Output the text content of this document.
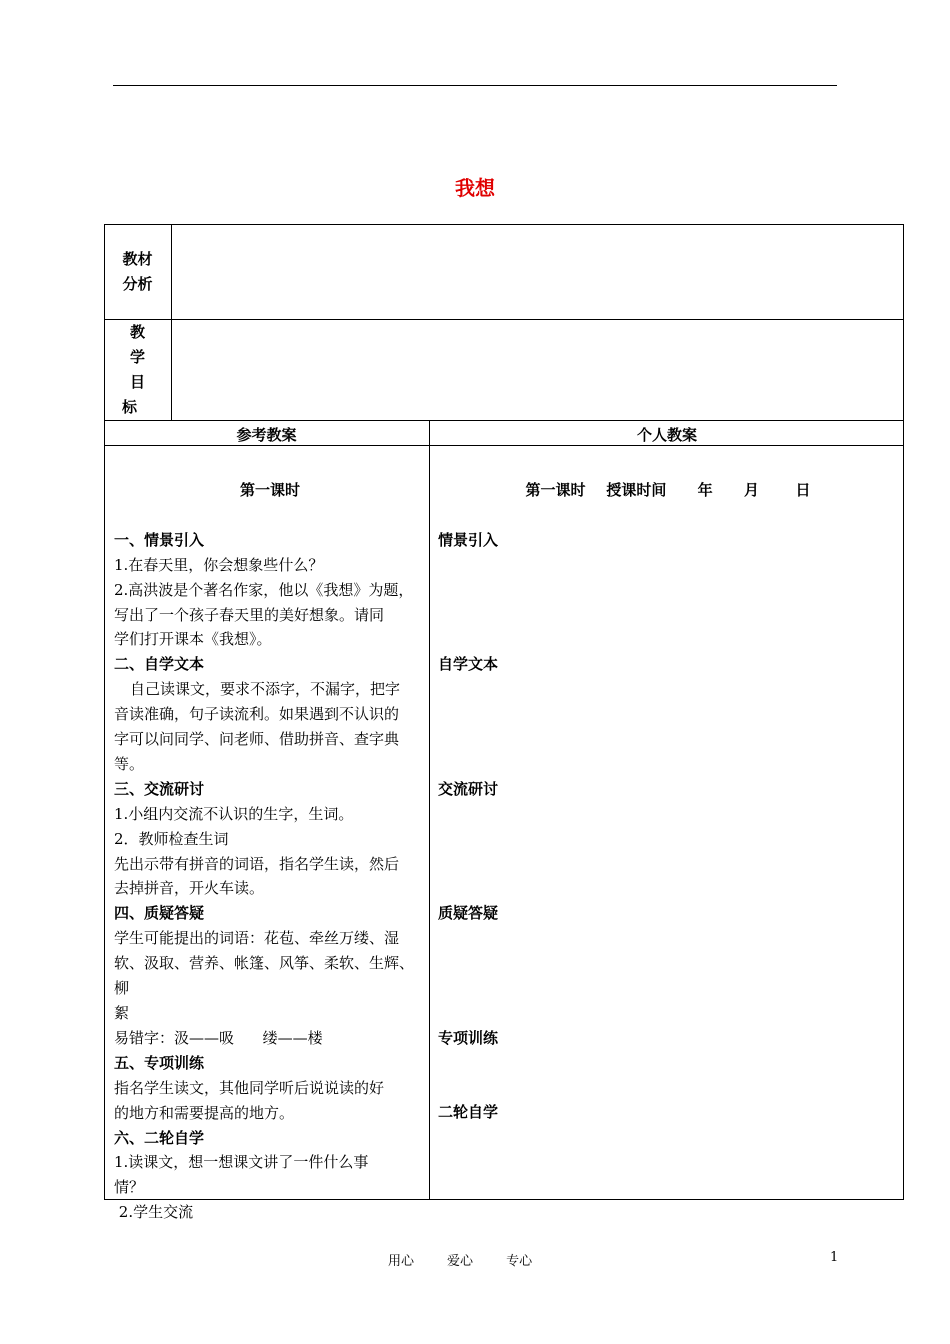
我想
教材
分析
教
学
目
标
参考教案	个人教案

第一课时

一、情景引入

1.在春天里，你会想象些什么？

2.高洪波是个著名作家，他以《我想》为题，

写出了一个孩子春天里的美好想象。请同

学们打开课本《我想》。

二、自学文本

自己读课文，要求不添字，不漏字，把字

音读准确，句子读流利。如果遇到不认识的

字可以问同学、问老师、借助拼音、查字典

等。

三、交流研讨

1.小组内交流不认识的生字，生词。

2．教师检查生词

先出示带有拼音的词语，指名学生读，然后

去掉拼音，开火车读。

四、质疑答疑

学生可能提出的词语：花苞、牵丝万缕、湿

软、汲取、营养、帐篷、风筝、柔软、生辉、柳

絮

易错字：汲——吸      缕——楼

五、专项训练

指名学生读文，其他同学听后说说读的好

的地方和需要提高的地方。

六、二轮自学

1.读课文，想一想课文讲了一件什么事

情？

2.学生交流

第一课时    授课时间      年      月       日

情景引入

自学文本

交流研讨

质疑答疑

专项训练

二轮自学

用心        爱心        专心	1
